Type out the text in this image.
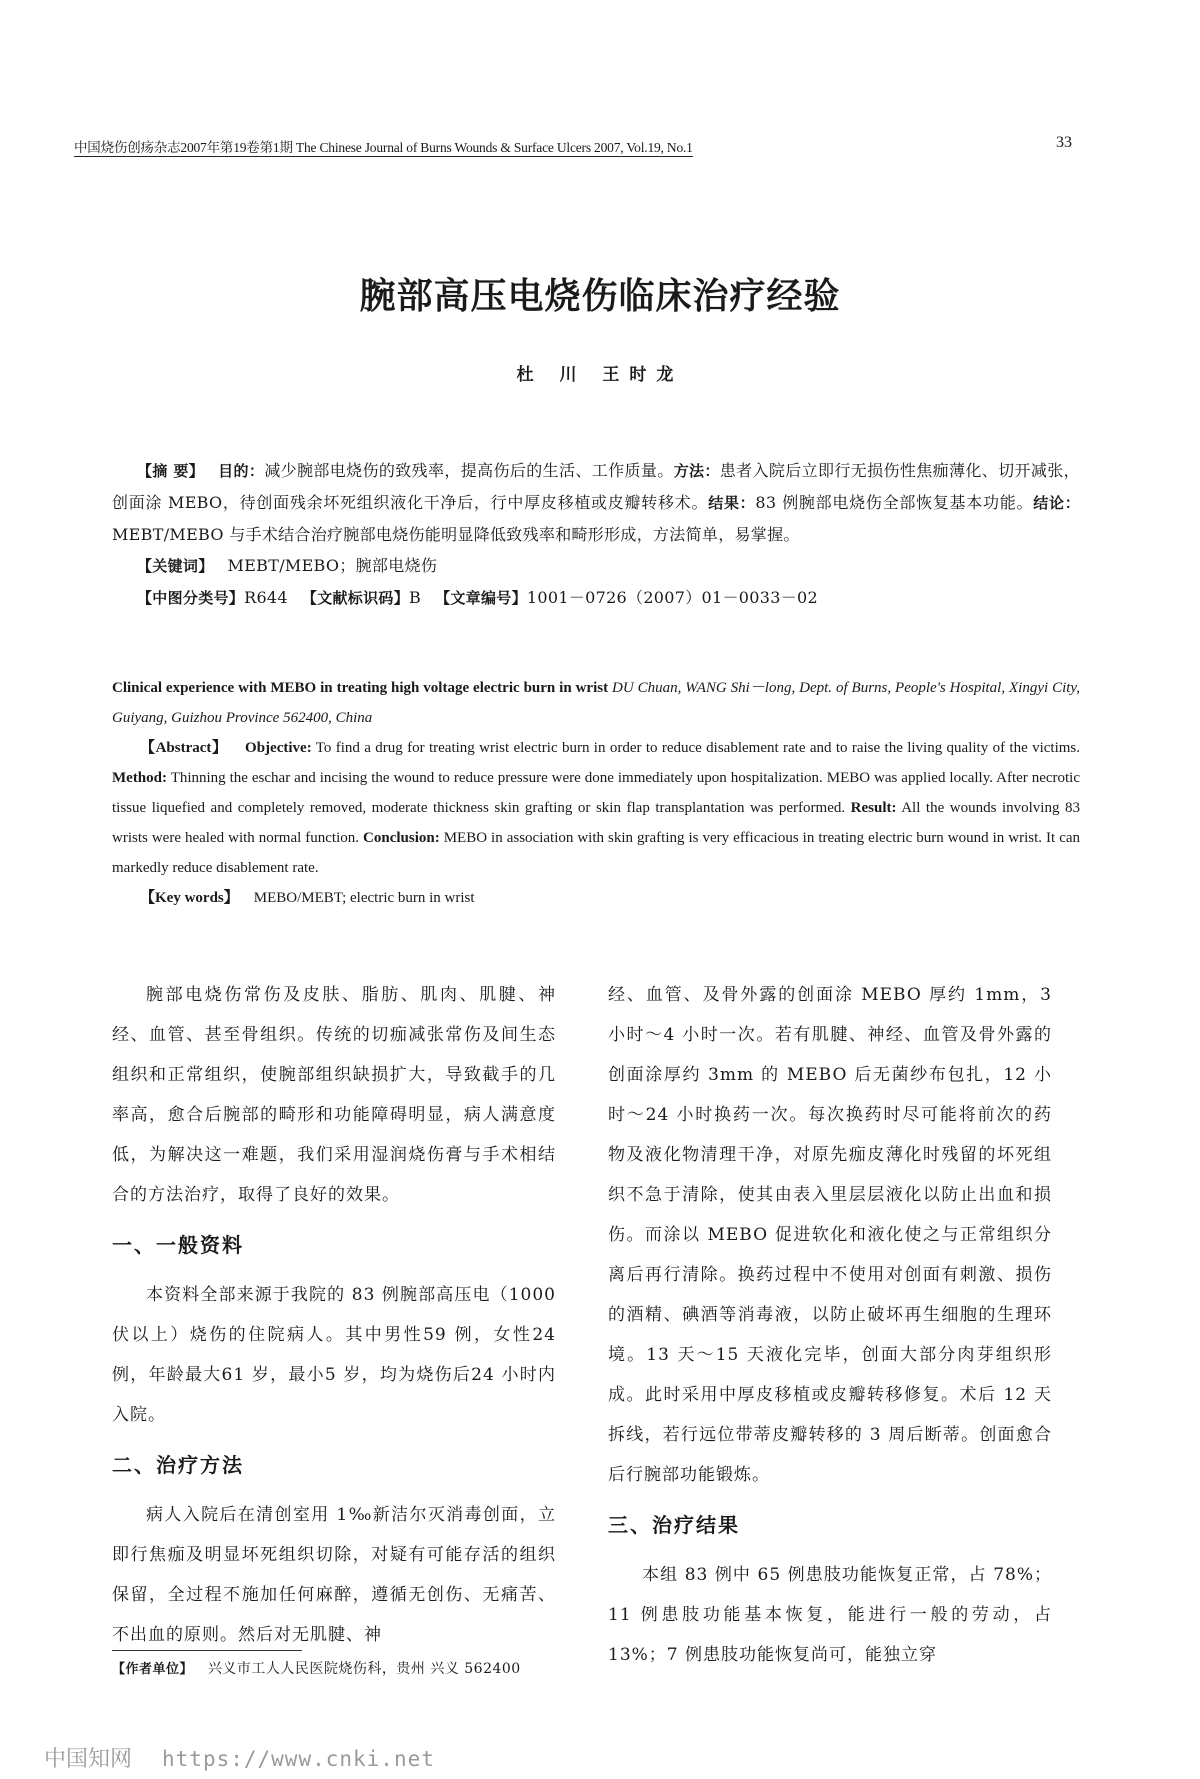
中国烧伤创疡杂志2007年第19卷第1期 The Chinese Journal of Burns Wounds & Surface Ulcers 2007, Vol.19, No.1	33
腕部高压电烧伤临床治疗经验
杜 川 王时龙

【摘 要】 目的：减少腕部电烧伤的致残率，提高伤后的生活、工作质量。方法：患者入院后立即行无损伤性焦痂薄化、切开减张，创面涂 MEBO，待创面残余坏死组织液化干净后，行中厚皮移植或皮瓣转移术。结果：83 例腕部电烧伤全部恢复基本功能。结论：MEBT/MEBO 与手术结合治疗腕部电烧伤能明显降低致残率和畸形形成，方法简单，易掌握。

【关键词】 MEBT/MEBO；腕部电烧伤

【中图分类号】R644 【文献标识码】B 【文章编号】1001－0726（2007）01－0033－02

Clinical experience with MEBO in treating high voltage electric burn in wrist DU Chuan, WANG Shi－long, Dept. of Burns, People's Hospital, Xingyi City, Guiyang, Guizhou Province 562400, China

【Abstract】 Objective: To find a drug for treating wrist electric burn in order to reduce disablement rate and to raise the living quality of the victims. Method: Thinning the eschar and incising the wound to reduce pressure were done immediately upon hospitalization. MEBO was applied locally. After necrotic tissue liquefied and completely removed, moderate thickness skin grafting or skin flap transplantation was performed. Result: All the wounds involving 83 wrists were healed with normal function. Conclusion: MEBO in association with skin grafting is very efficacious in treating electric burn wound in wrist. It can markedly reduce disablement rate.

【Key words】 MEBO/MEBT; electric burn in wrist

腕部电烧伤常伤及皮肤、脂肪、肌肉、肌腱、神经、血管、甚至骨组织。传统的切痂减张常伤及间生态组织和正常组织，使腕部组织缺损扩大，导致截手的几率高，愈合后腕部的畸形和功能障碍明显，病人满意度低，为解决这一难题，我们采用湿润烧伤膏与手术相结合的方法治疗，取得了良好的效果。

一、一般资料

本资料全部来源于我院的 83 例腕部高压电（1000 伏以上）烧伤的住院病人。其中男性59 例，女性24 例，年龄最大61 岁，最小5 岁，均为烧伤后24 小时内入院。

二、治疗方法

病人入院后在清创室用 1‰新洁尔灭消毒创面，立即行焦痂及明显坏死组织切除，对疑有可能存活的组织保留，全过程不施加任何麻醉，遵循无创伤、无痛苦、不出血的原则。然后对无肌腱、神

经、血管、及骨外露的创面涂 MEBO 厚约 1mm，3 小时～4 小时一次。若有肌腱、神经、血管及骨外露的创面涂厚约 3mm 的 MEBO 后无菌纱布包扎，12 小时～24 小时换药一次。每次换药时尽可能将前次的药物及液化物清理干净，对原先痂皮薄化时残留的坏死组织不急于清除，使其由表入里层层液化以防止出血和损伤。而涂以 MEBO 促进软化和液化使之与正常组织分离后再行清除。换药过程中不使用对创面有刺激、损伤的酒精、碘酒等消毒液，以防止破坏再生细胞的生理环境。13 天～15 天液化完毕，创面大部分肉芽组织形成。此时采用中厚皮移植或皮瓣转移修复。术后 12 天拆线，若行远位带蒂皮瓣转移的 3 周后断蒂。创面愈合后行腕部功能锻炼。

三、治疗结果

本组 83 例中 65 例患肢功能恢复正常，占 78%；11 例患肢功能基本恢复，能进行一般的劳动，占 13%；7 例患肢功能恢复尚可，能独立穿

【作者单位】 兴义市工人人民医院烧伤科，贵州 兴义 562400
中国知网 https://www.cnki.net
